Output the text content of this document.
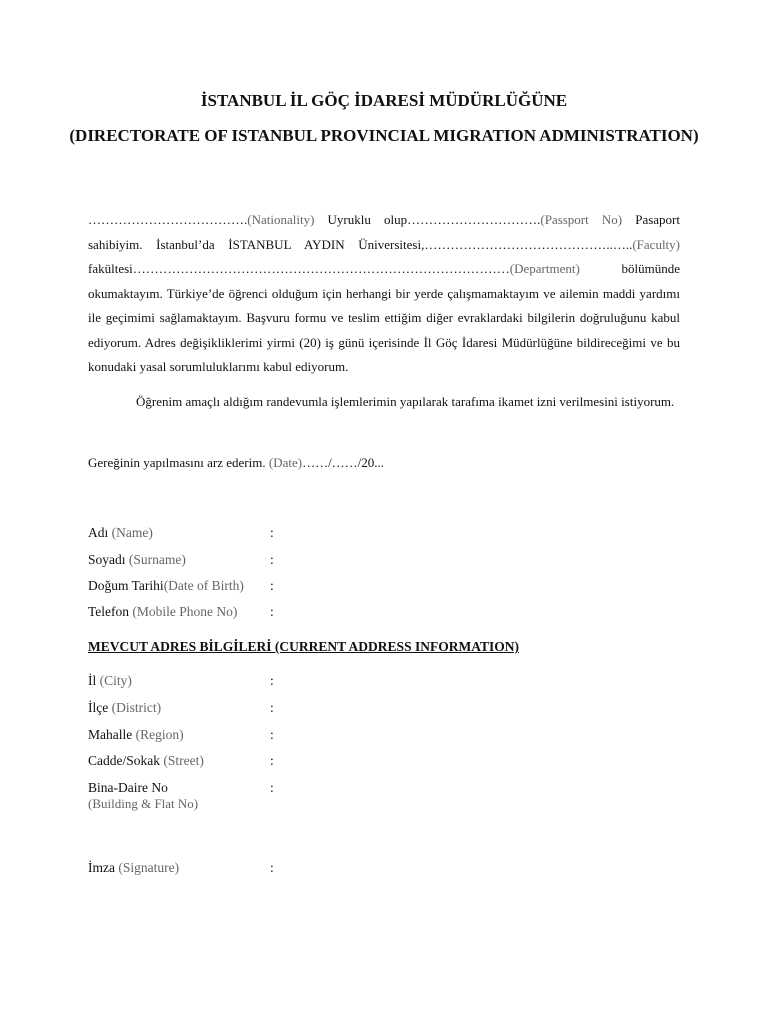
İSTANBUL İL GÖÇ İDARESİ MÜDÜRLÜĞÜNE
(DIRECTORATE OF ISTANBUL PROVINCIAL MIGRATION ADMINISTRATION)

……………………………….(Nationality) Uyruklu olup………………………….(Passport No) Pasaport sahibiyim. İstanbul’da İSTANBUL AYDIN Üniversitesi,……………………………………..…..(Faculty) fakültesi……………………………………………………………………………(Department) bölümünde okumaktayım. Türkiye’de öğrenci olduğum için herhangi bir yerde çalışmamaktayım ve ailemin maddi yardımı ile geçimimi sağlamaktayım. Başvuru formu ve teslim ettiğim diğer evraklardaki bilgilerin doğruluğunu kabul ediyorum. Adres değişikliklerimi yirmi (20) iş günü içerisinde İl Göç İdaresi Müdürlüğüne bildireceğimi ve bu konudaki yasal sorumluluklarımı kabul ediyorum.

Öğrenim amaçlı aldığım randevumla işlemlerimin yapılarak tarafıma ikamet izni verilmesini istiyorum.

Gereğinin yapılmasını arz ederim. (Date)……/……/20...

Adı (Name)	:
Soyadı (Surname)	:
Doğum Tarihi(Date of Birth) :
Telefon (Mobile Phone No) :
MEVCUT ADRES BİLGİLERİ (CURRENT ADDRESS INFORMATION)
İl (City)	:
İlçe (District)	:
Mahalle (Region)	:
Cadde/Sokak (Street)	:
Bina-Daire No
(Building & Flat No)
:
İmza (Signature)	:
